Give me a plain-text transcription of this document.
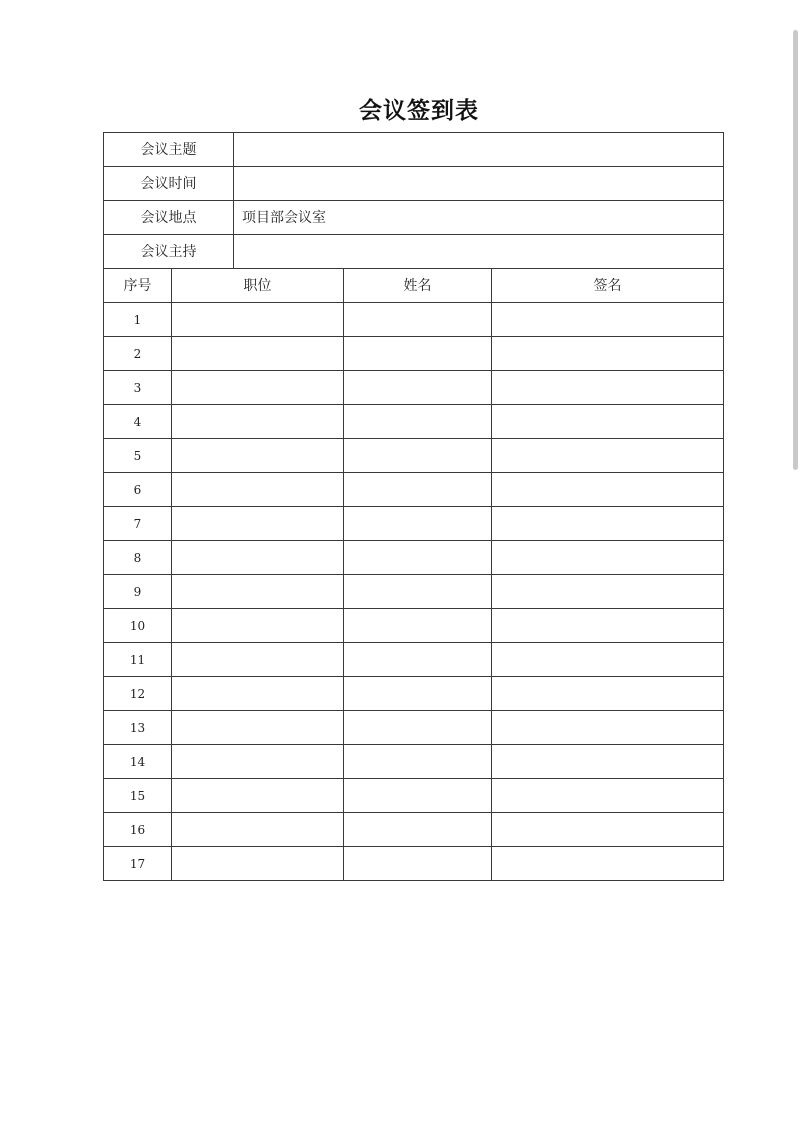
会议签到表
会议主题				
会议时间				
会议地点		项目部会议室		
会议主持				
序号	职位		姓名	签名
1				
2				
3				
4				
5				
6				
7				
8				
9				
10				
11				
12				
13				
14				
15				
16				
17				
